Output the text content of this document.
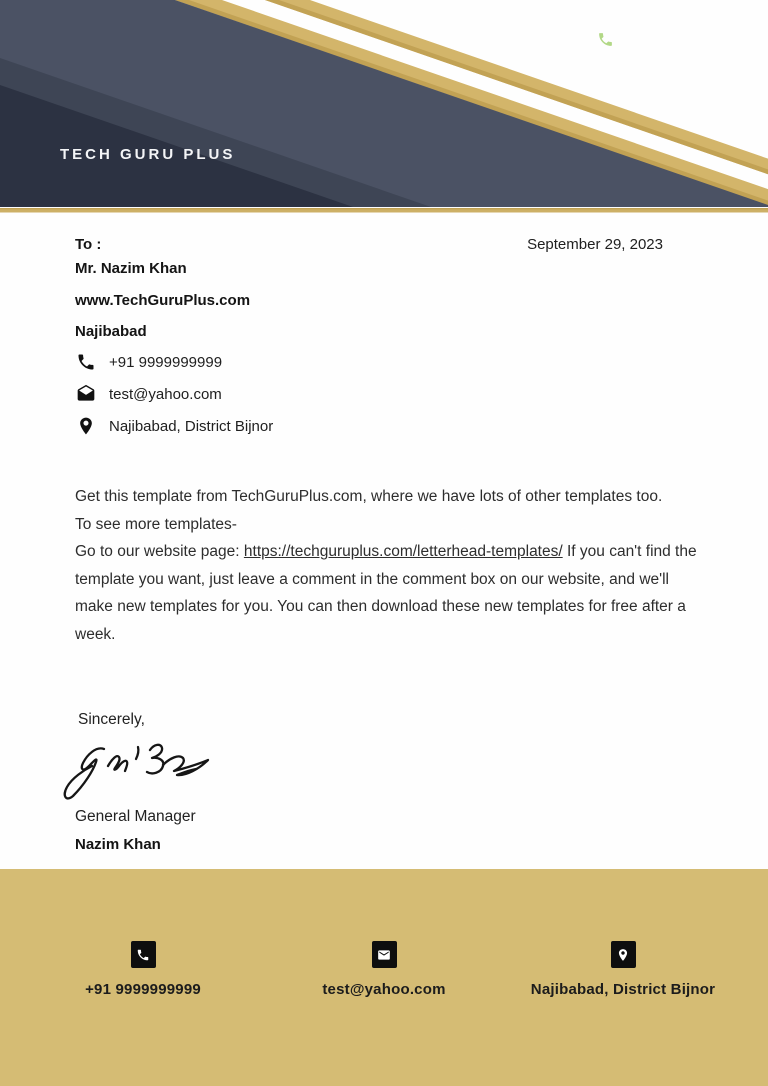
TECH GURU PLUS
To :	September 29, 2023
Mr. Nazim Khan
www.TechGuruPlus.com
Najibabad
+91 9999999999
test@yahoo.com
Najibabad, District Bijnor
Get this template from TechGuruPlus.com, where we have lots of other templates too.
To see more templates-
Go to our website page: https://techguruplus.com/letterhead-templates/ If you can't find the template you want, just leave a comment in the comment box on our website, and we'll make new templates for you. You can then download these new templates for free after a week.
Sincerely,
General Manager
Nazim Khan
+91 9999999999	test@yahoo.com	Najibabad, District Bijnor
